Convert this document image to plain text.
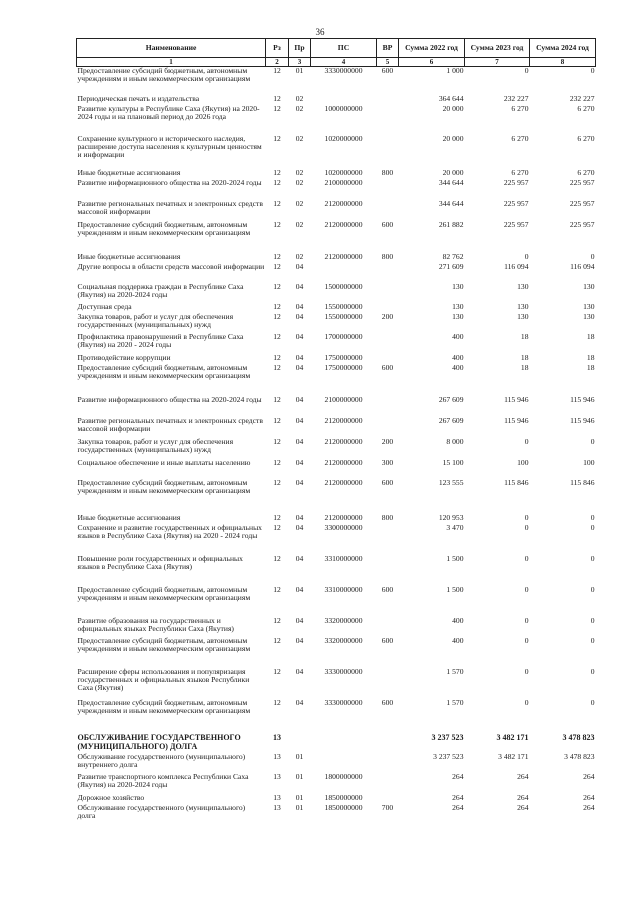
36
Наименование	Рз	Пр	ПС	ВР	Сумма 2022 год	Сумма 2023 год	Сумма 2024 год
1	2	3	4	5	6	7	8
Предоставление субсидий бюджетным, автономным учреждениям и иным некоммерческим организациям	12	01	3330000000	600	1 000	0	0
Периодическая печать и издательства	12	02			364 644	232 227	232 227
Развитие культуры в Республике Саха (Якутия) на 2020-2024 годы и на плановый период до 2026 года	12	02	1000000000		20 000	6 270	6 270
Сохранение культурного и исторического наследия, расширение доступа населения к культурным ценностям и информации	12	02	1020000000		20 000	6 270	6 270
Иные бюджетные ассигнования	12	02	1020000000	800	20 000	6 270	6 270
Развитие информационного общества на 2020-2024 годы	12	02	2100000000		344 644	225 957	225 957
Развитие региональных печатных и электронных средств массовой информации	12	02	2120000000		344 644	225 957	225 957
Предоставление субсидий бюджетным, автономным учреждениям и иным некоммерческим организациям	12	02	2120000000	600	261 882	225 957	225 957
Иные бюджетные ассигнования	12	02	2120000000	800	82 762	0	0
Другие вопросы в области средств массовой информации	12	04			271 609	116 094	116 094
Социальная поддержка граждан в Республике Саха (Якутия) на 2020-2024 годы	12	04	1500000000		130	130	130
Доступная среда	12	04	1550000000		130	130	130
Закупка товаров, работ и услуг для обеспечения государственных (муниципальных) нужд	12	04	1550000000	200	130	130	130
Профилактика правонарушений в Республике Саха (Якутия) на 2020 - 2024 годы	12	04	1700000000		400	18	18
Противодействие коррупции	12	04	1750000000		400	18	18
Предоставление субсидий бюджетным, автономным учреждениям и иным некоммерческим организациям	12	04	1750000000	600	400	18	18
Развитие информационного общества на 2020-2024 годы	12	04	2100000000		267 609	115 946	115 946
Развитие региональных печатных и электронных средств массовой информации	12	04	2120000000		267 609	115 946	115 946
Закупка товаров, работ и услуг для обеспечения государственных (муниципальных) нужд	12	04	2120000000	200	8 000	0	0
Социальное обеспечение и иные выплаты населению	12	04	2120000000	300	15 100	100	100
Предоставление субсидий бюджетным, автономным учреждениям и иным некоммерческим организациям	12	04	2120000000	600	123 555	115 846	115 846
Иные бюджетные ассигнования	12	04	2120000000	800	120 953	0	0
Сохранение и развитие государственных и официальных языков в Республике Саха (Якутия) на 2020 - 2024 годы	12	04	3300000000		3 470	0	0
Повышение роли государственных и официальных языков в Республике Саха (Якутия)	12	04	3310000000		1 500	0	0
Предоставление субсидий бюджетным, автономным учреждениям и иным некоммерческим организациям	12	04	3310000000	600	1 500	0	0
Развитие образования на государственных и официальных языках Республики Саха (Якутия)	12	04	3320000000		400	0	0
Предоставление субсидий бюджетным, автономным учреждениям и иным некоммерческим организациям	12	04	3320000000	600	400	0	0
Расширение сферы использования и популяризация государственных и официальных языков Республики Саха (Якутия)	12	04	3330000000		1 570	0	0
Предоставление субсидий бюджетным, автономным учреждениям и иным некоммерческим организациям	12	04	3330000000	600	1 570	0	0
ОБСЛУЖИВАНИЕ ГОСУДАРСТВЕННОГО (МУНИЦИПАЛЬНОГО) ДОЛГА	13				3 237 523	3 482 171	3 478 823
Обслуживание государственного (муниципального) внутреннего долга	13	01			3 237 523	3 482 171	3 478 823
Развитие транспортного комплекса Республики Саха (Якутия) на 2020-2024 годы	13	01	1800000000		264	264	264
Дорожное хозяйство	13	01	1850000000		264	264	264
Обслуживание государственного (муниципального) долга	13	01	1850000000	700	264	264	264
